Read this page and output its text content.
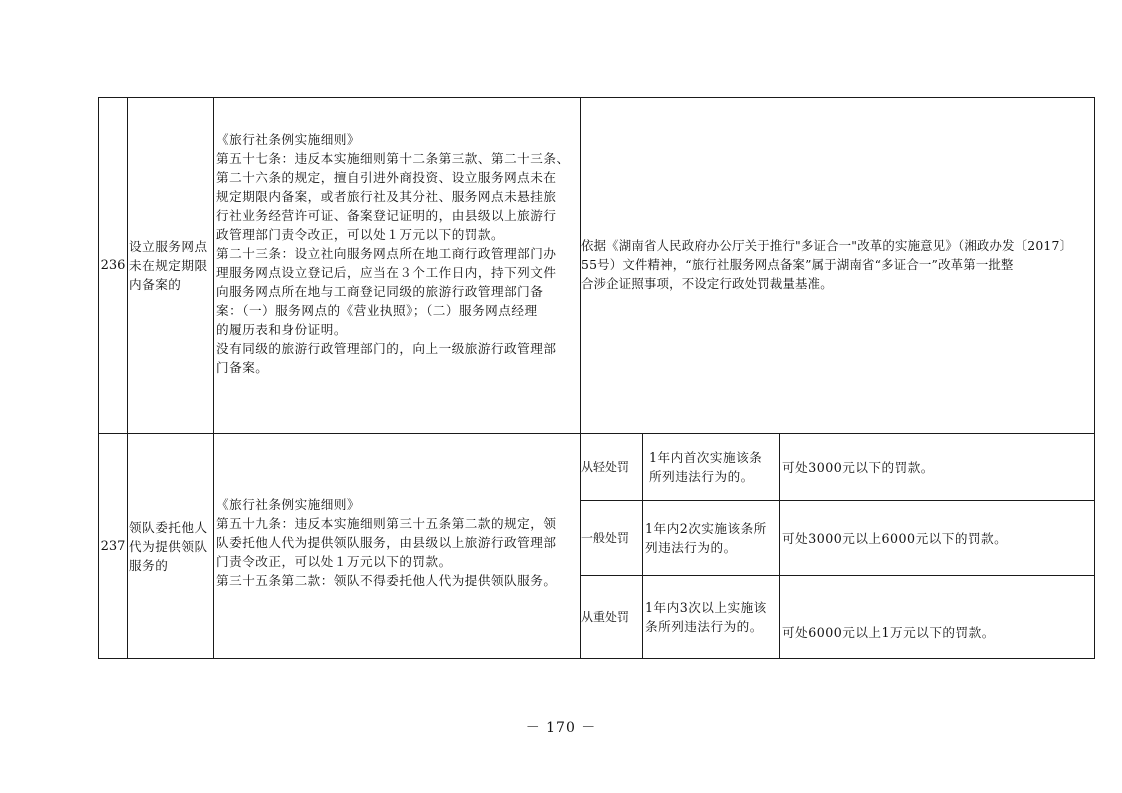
236

设立服务网点

未在规定期限

内备案的

《旅行社条例实施细则》

第五十七条：违反本实施细则第十二条第三款、第二十三条、

第二十六条的规定，擅自引进外商投资、设立服务网点未在

规定期限内备案，或者旅行社及其分社、服务网点未悬挂旅

行社业务经营许可证、备案登记证明的，由县级以上旅游行

政管理部门责令改正，可以处１万元以下的罚款。

第二十三条：设立社向服务网点所在地工商行政管理部门办

理服务网点设立登记后，应当在３个工作日内，持下列文件

向服务网点所在地与工商登记同级的旅游行政管理部门备

案：（一）服务网点的《营业执照》；（二）服务网点经理

的履历表和身份证明。

没有同级的旅游行政管理部门的，向上一级旅游行政管理部

门备案。

依据《湖南省人民政府办公厅关于推行"多证合一"改革的实施意见》（湘政办发〔2017〕

55号）文件精神，“旅行社服务网点备案”属于湖南省“多证合一”改革第一批整

合涉企证照事项，不设定行政处罚裁量基准。

237

领队委托他人

代为提供领队

服务的

《旅行社条例实施细则》

第五十九条：违反本实施细则第三十五条第二款的规定，领

队委托他人代为提供领队服务，由县级以上旅游行政管理部

门责令改正，可以处１万元以下的罚款。

第三十五条第二款：领队不得委托他人代为提供领队服务。

从轻处罚

1年内首次实施该条

所列违法行为的。

可处3000元以下的罚款。
一般处罚

1年内2次实施该条所

列违法行为的。

可处3000元以上6000元以下的罚款。
从重处罚

1年内3次以上实施该

条所列违法行为的。	可处6000元以上1万元以下的罚款。
－ 170 －
